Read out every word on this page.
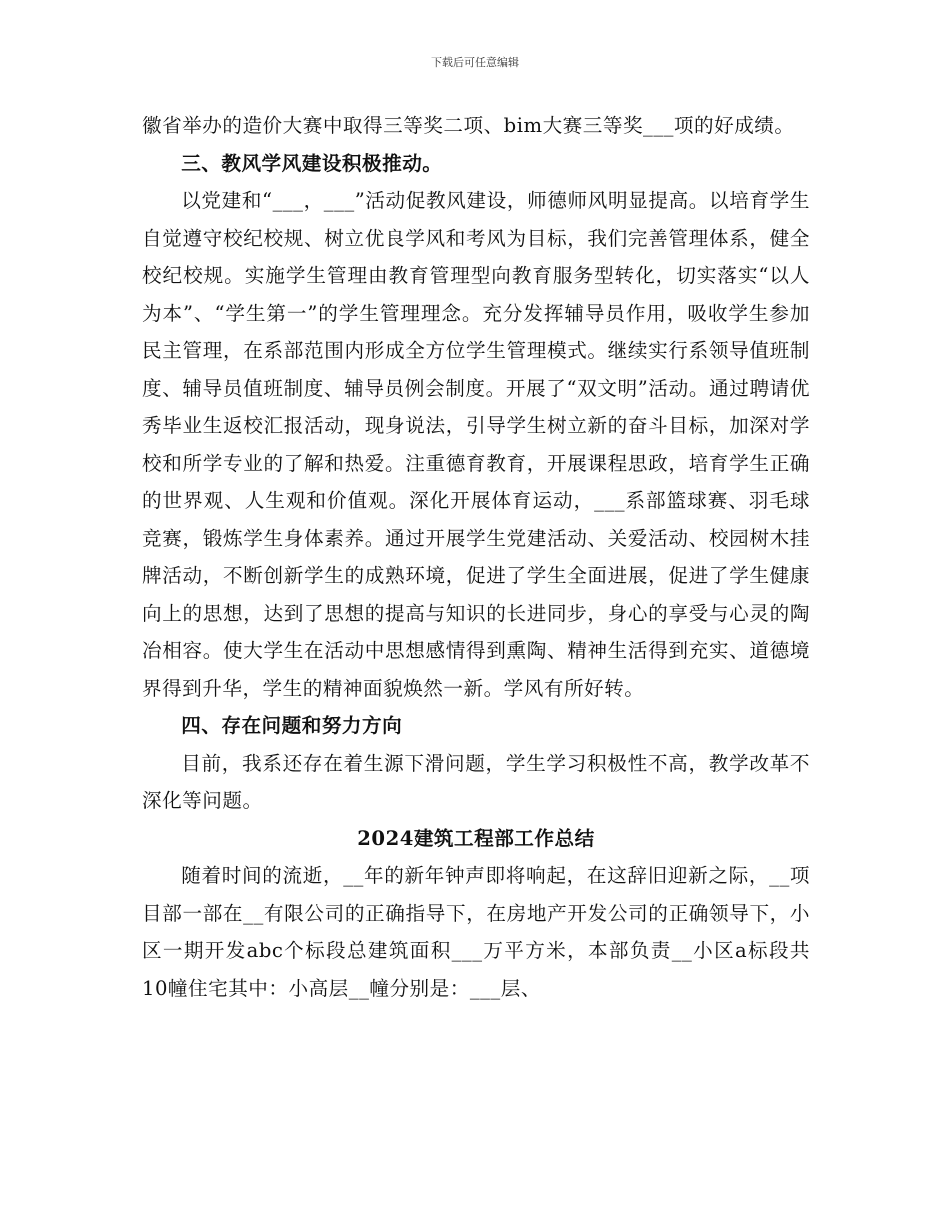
下载后可任意编辑

徽省举办的造价大赛中取得三等奖二项、bim大赛三等奖___项的好成绩。

三、教风学风建设积极推动。

以党建和“___，___”活动促教风建设，师德师风明显提高。以培育学生自觉遵守校纪校规、树立优良学风和考风为目标，我们完善管理体系，健全校纪校规。实施学生管理由教育管理型向教育服务型转化，切实落实“以人为本”、“学生第一”的学生管理理念。充分发挥辅导员作用，吸收学生参加民主管理，在系部范围内形成全方位学生管理模式。继续实行系领导值班制度、辅导员值班制度、辅导员例会制度。开展了“双文明”活动。通过聘请优秀毕业生返校汇报活动，现身说法，引导学生树立新的奋斗目标，加深对学校和所学专业的了解和热爱。注重德育教育，开展课程思政，培育学生正确的世界观、人生观和价值观。深化开展体育运动，___系部篮球赛、羽毛球竞赛，锻炼学生身体素养。通过开展学生党建活动、关爱活动、校园树木挂牌活动，不断创新学生的成熟环境，促进了学生全面进展，促进了学生健康向上的思想，达到了思想的提高与知识的长进同步，身心的享受与心灵的陶冶相容。使大学生在活动中思想感情得到熏陶、精神生活得到充实、道德境界得到升华，学生的精神面貌焕然一新。学风有所好转。

四、存在问题和努力方向

目前，我系还存在着生源下滑问题，学生学习积极性不高，教学改革不深化等问题。

2024建筑工程部工作总结

随着时间的流逝，__年的新年钟声即将响起，在这辞旧迎新之际，__项目部一部在__有限公司的正确指导下，在房地产开发公司的正确领导下，小区一期开发abc个标段总建筑面积___万平方米，本部负责__小区a标段共10幢住宅其中：小高层__幢分别是：___层、
